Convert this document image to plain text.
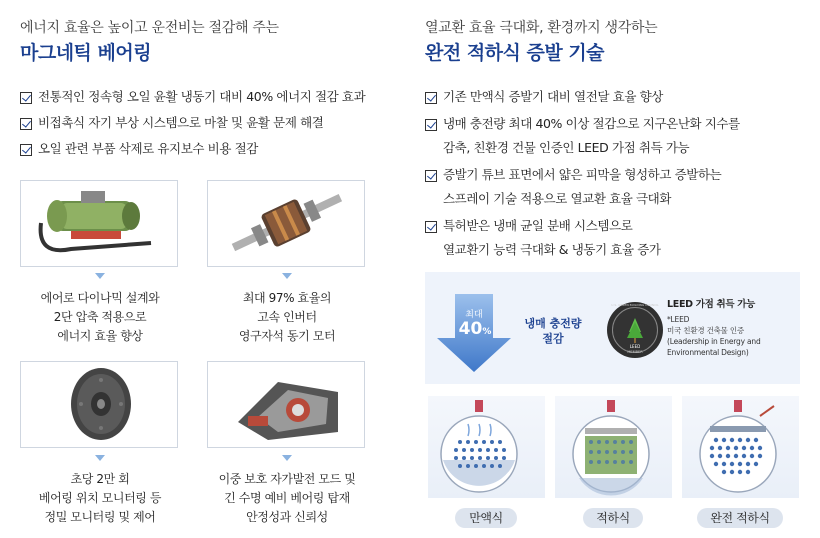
에너지 효율은 높이고 운전비는 절감해 주는
마그네틱 베어링
전통적인 정속형 오일 윤활 냉동기 대비 40% 에너지 절감 효과
비접촉식 자기 부상 시스템으로 마찰 및 윤활 문제 해결
오일 관련 부품 삭제로 유지보수 비용 절감
에어로 다이나믹 설계와
2단 압축 적용으로
에너지 효율 향상
최대 97% 효율의
고속 인버터
영구자석 동기 모터
초당 2만 회
베어링 위치 모니터링 등
정밀 모니터링 및 제어
이중 보호 자가발전 모드 및
긴 수명 예비 베어링 탑재
안정성과 신뢰성
열교환 효율 극대화, 환경까지 생각하는
완전 적하식 증발 기술
기존 만액식 증발기 대비 열전달 효율 향상
냉매 충전량 최대 40% 이상 절감으로 지구온난화 지수를
감축, 친환경 건물 인증인 LEED 가점 취득 가능
증발기 튜브 표면에서 얇은 피막을 형성하고 증발하는
스프레이 기술 적용으로 열교환 효율 극대화
특허받은 냉매 균일 분배 시스템으로
열교환기 능력 극대화 & 냉동기 효율 증가
최대
40%
냉매 충전량
절감
LEED
MEMBER
U.S. GREEN BUILDING COUNCIL LEED 가점 취득 가능
*LEED
미국 친환경 건축물 인증
(Leadership in Energy and
Environmental Design)
만액식	적하식	완전 적하식
